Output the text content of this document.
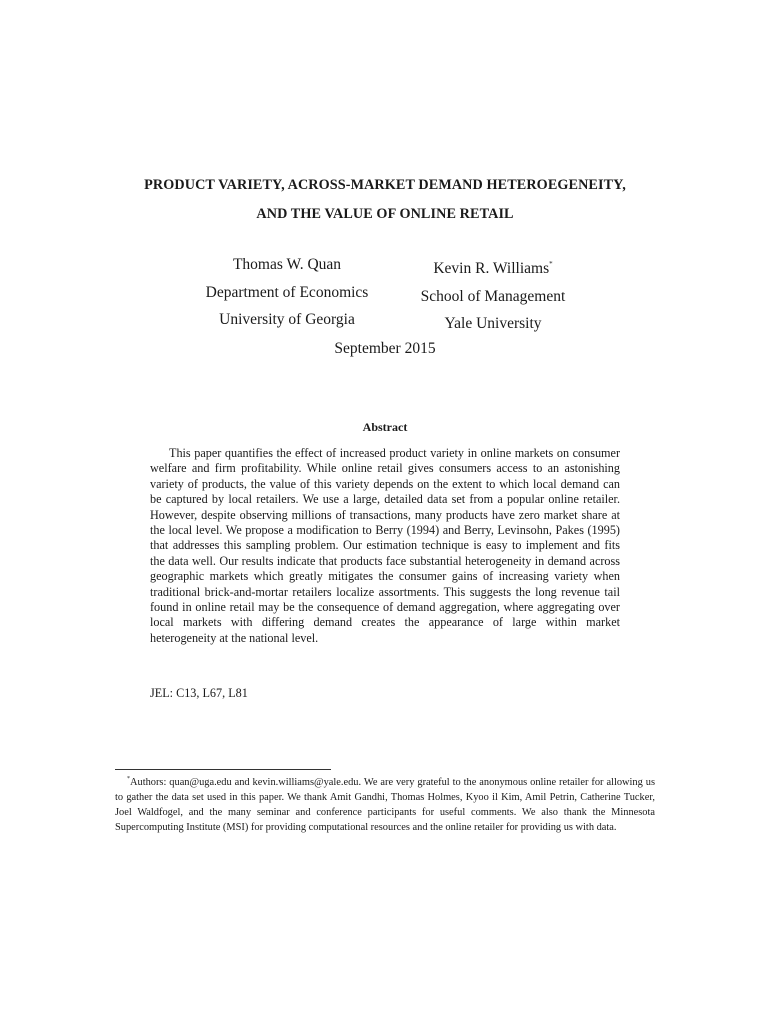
PRODUCT VARIETY, ACROSS-MARKET DEMAND HETEROEGENEITY,
AND THE VALUE OF ONLINE RETAIL
Thomas W. Quan
Department of Economics
University of Georgia
Kevin R. Williams*
School of Management
Yale University
September 2015
Abstract

This paper quantifies the effect of increased product variety in online markets on consumer welfare and firm profitability. While online retail gives consumers access to an astonishing variety of products, the value of this variety depends on the extent to which local demand can be captured by local retailers. We use a large, detailed data set from a popular online retailer. However, despite observing millions of transactions, many products have zero market share at the local level. We propose a modification to Berry (1994) and Berry, Levinsohn, Pakes (1995) that addresses this sampling problem. Our estimation technique is easy to implement and fits the data well. Our results indicate that products face substantial heterogeneity in demand across geographic markets which greatly mitigates the consumer gains of increasing variety when traditional brick-and-mortar retailers localize assortments. This suggests the long revenue tail found in online retail may be the consequence of demand aggregation, where aggregating over local markets with differing demand creates the appearance of large within market heterogeneity at the national level.

JEL: C13, L67, L81

*Authors: quan@uga.edu and kevin.williams@yale.edu. We are very grateful to the anonymous online retailer for allowing us to gather the data set used in this paper. We thank Amit Gandhi, Thomas Holmes, Kyoo il Kim, Amil Petrin, Catherine Tucker, Joel Waldfogel, and the many seminar and conference participants for useful comments. We also thank the Minnesota Supercomputing Institute (MSI) for providing computational resources and the online retailer for providing us with data.
